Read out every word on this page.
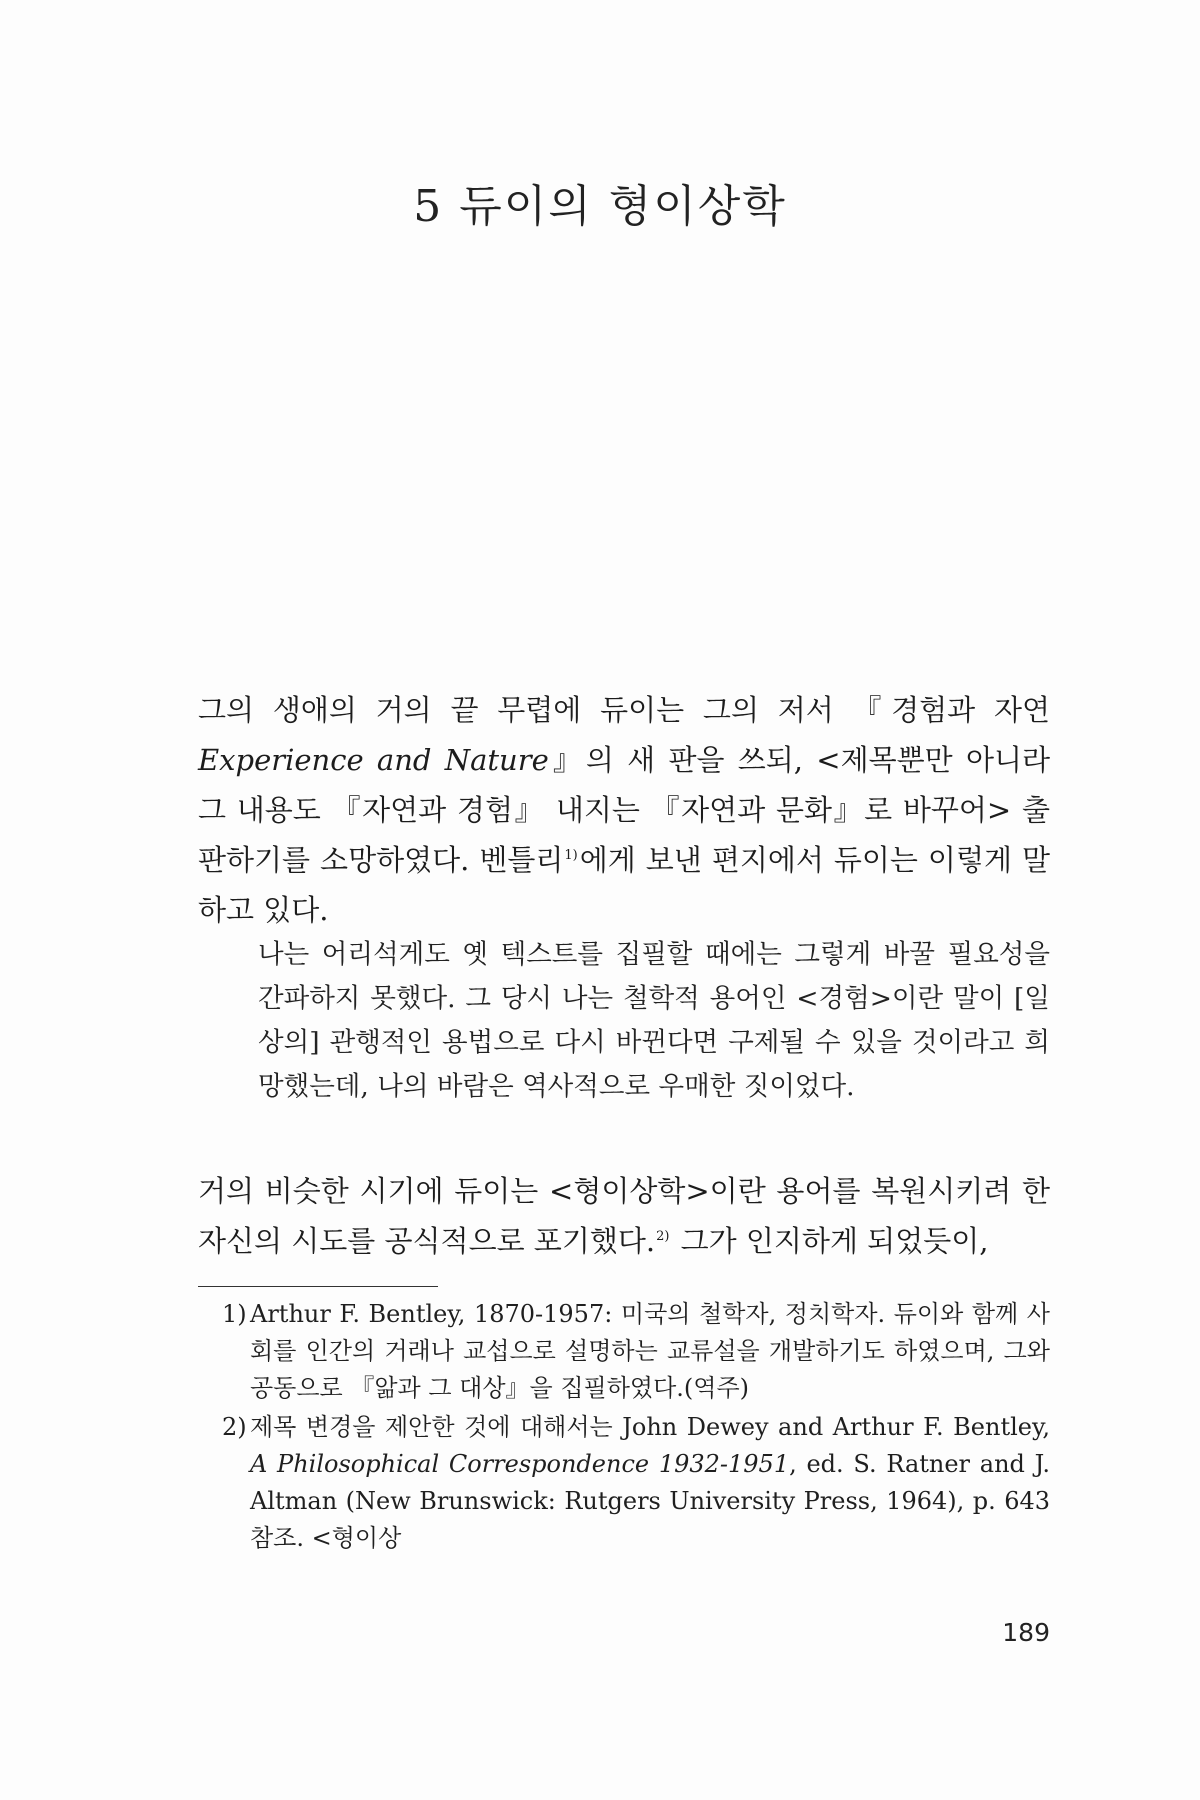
5 듀이의 형이상학
그의 생애의 거의 끝 무렵에 듀이는 그의 저서 『경험과 자연Experience and Nature』의 새 판을 쓰되, <제목뿐만 아니라 그 내용도 『자연과 경험』 내지는 『자연과 문화』로 바꾸어> 출판하기를 소망하였다. 벤틀리$^{1)}$에게 보낸 편지에서 듀이는 이렇게 말하고 있다.
나는 어리석게도 옛 텍스트를 집필할 때에는 그렇게 바꿀 필요성을 간파하지 못했다. 그 당시 나는 철학적 용어인 <경험>이란 말이 [일상의] 관행적인 용법으로 다시 바뀐다면 구제될 수 있을 것이라고 희망했는데, 나의 바람은 역사적으로 우매한 짓이었다.
거의 비슷한 시기에 듀이는 <형이상학>이란 용어를 복원시키려 한 자신의 시도를 공식적으로 포기했다.$^{2)}$ 그가 인지하게 되었듯이,
1) Arthur F. Bentley, 1870-1957: 미국의 철학자, 정치학자. 듀이와 함께 사회를 인간의 거래나 교섭으로 설명하는 교류설을 개발하기도 하였으며, 그와 공동으로 『앎과 그 대상』을 집필하였다.(역주)
2) 제목 변경을 제안한 것에 대해서는 John Dewey and Arthur F. Bentley, A Philosophical Correspondence 1932-1951, ed. S. Ratner and J. Altman (New Brunswick: Rutgers University Press, 1964), p. 643 참조. <형이상
189
